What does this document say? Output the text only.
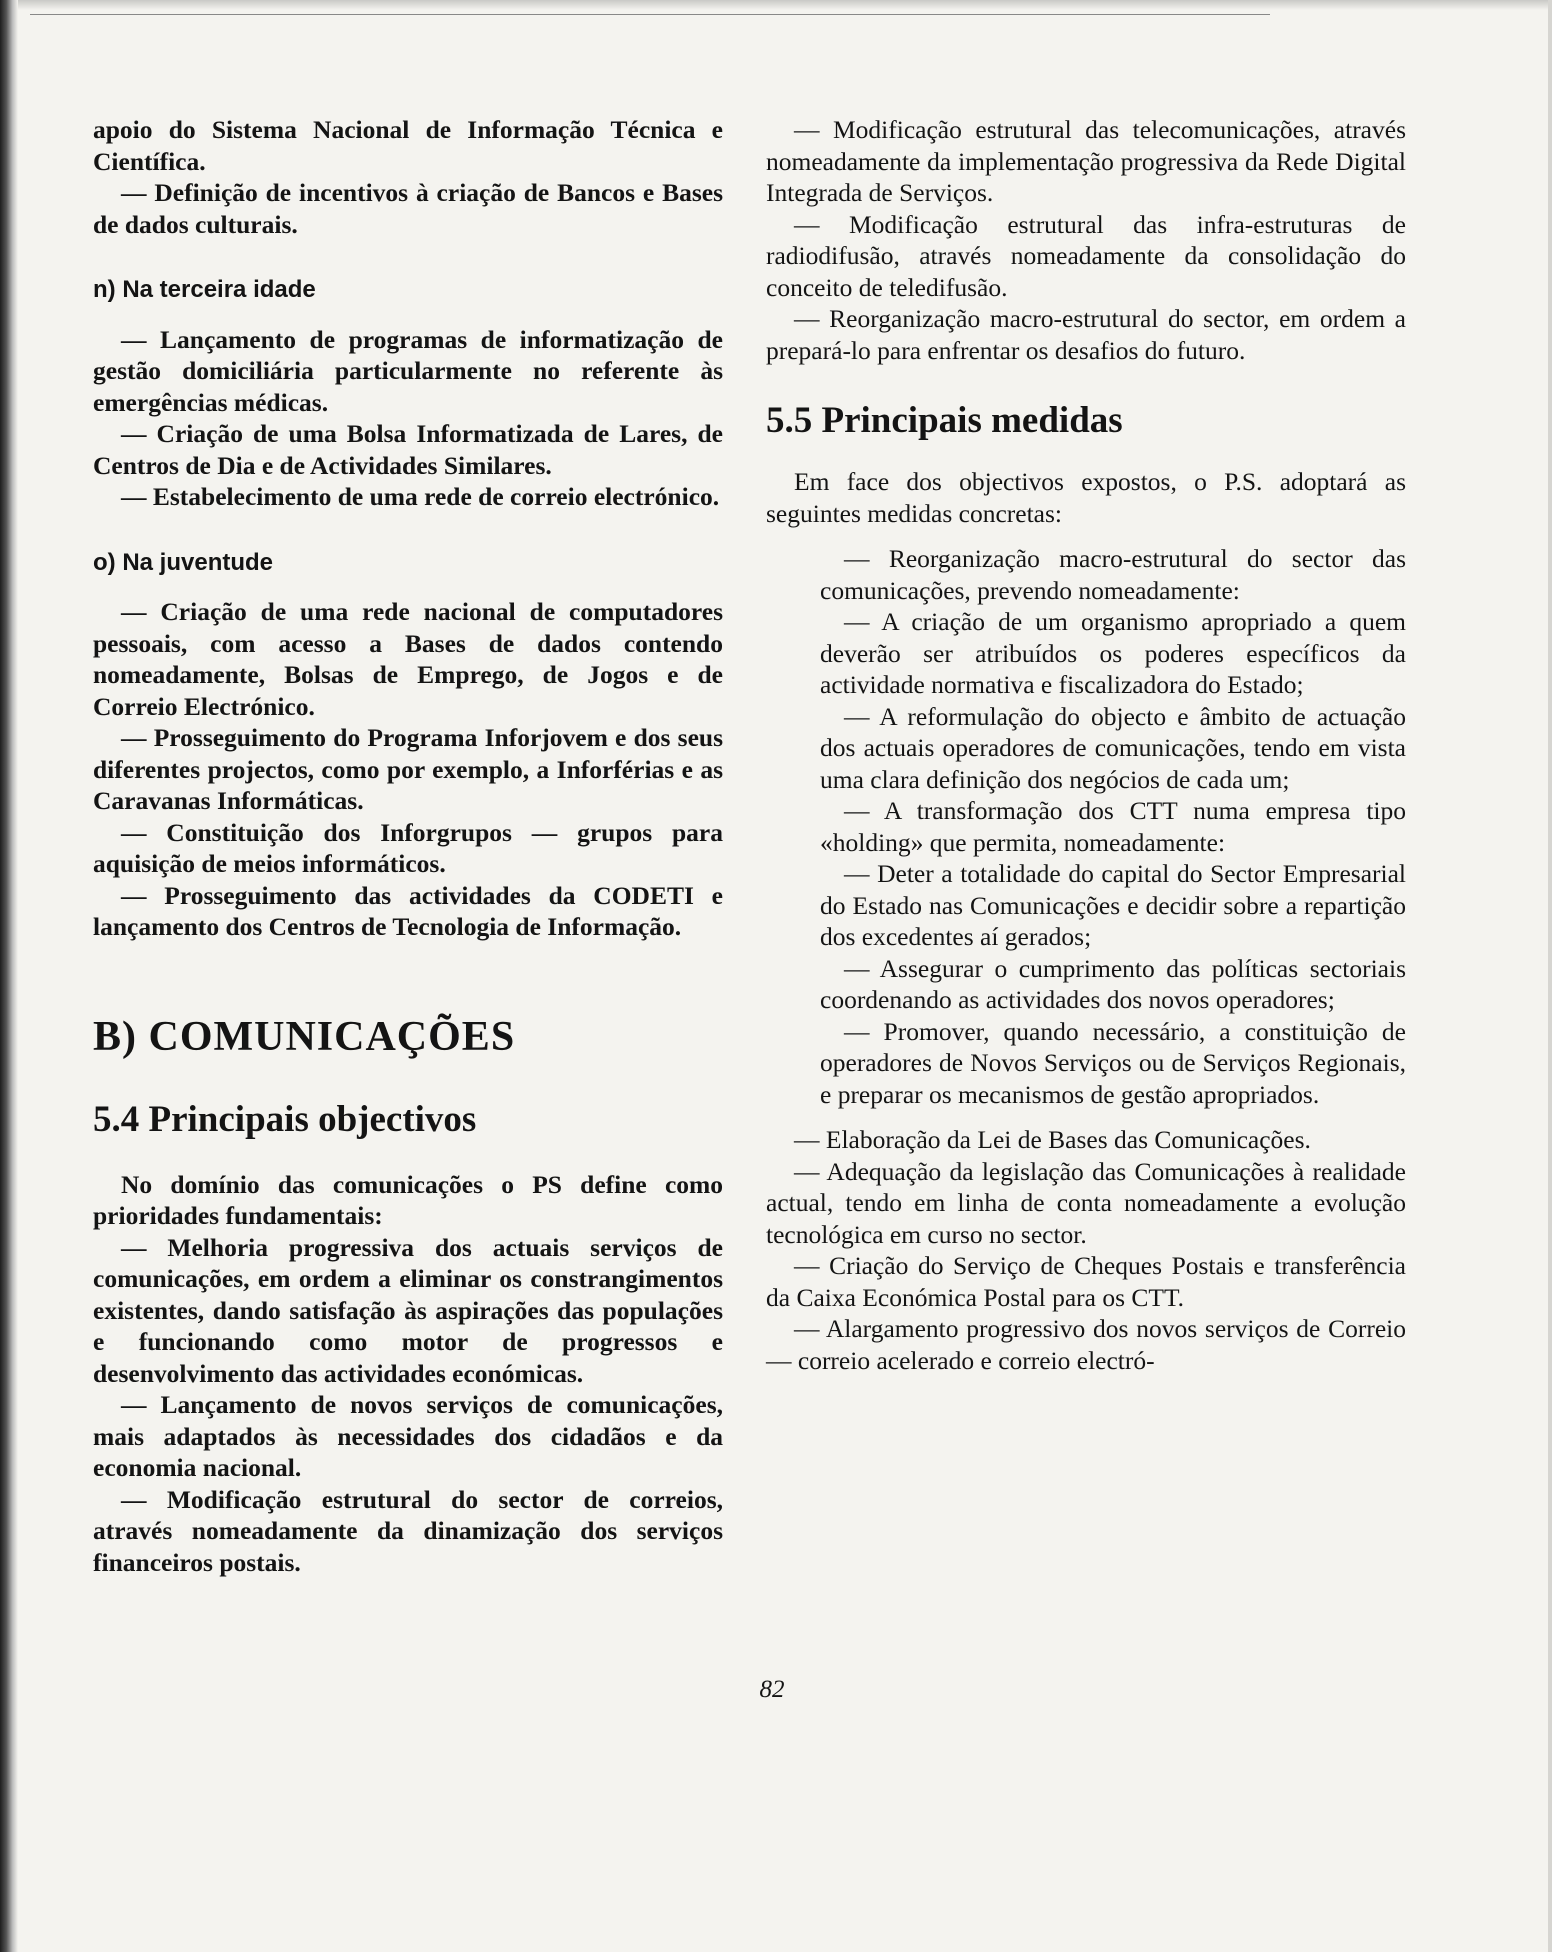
apoio do Sistema Nacional de Informação Técnica e Científica.

— Definição de incentivos à criação de Bancos e Bases de dados culturais.

n) Na terceira idade

— Lançamento de programas de informatização de gestão domiciliária particularmente no referente às emergências médicas.

— Criação de uma Bolsa Informatizada de Lares, de Centros de Dia e de Actividades Similares.

— Estabelecimento de uma rede de correio electrónico.

o) Na juventude

— Criação de uma rede nacional de computadores pessoais, com acesso a Bases de dados contendo nomeadamente, Bolsas de Emprego, de Jogos e de Correio Electrónico.

— Prosseguimento do Programa Inforjovem e dos seus diferentes projectos, como por exemplo, a Inforférias e as Caravanas Informáticas.

— Constituição dos Inforgrupos — grupos para aquisição de meios informáticos.

— Prosseguimento das actividades da CODETI e lançamento dos Centros de Tecnologia de Informação.

B) COMUNICAÇÕES
5.4 Principais objectivos

No domínio das comunicações o PS define como prioridades fundamentais:

— Melhoria progressiva dos actuais serviços de comunicações, em ordem a eliminar os constrangimentos existentes, dando satisfação às aspirações das populações e funcionando como motor de progressos e desenvolvimento das actividades económicas.

— Lançamento de novos serviços de comunicações, mais adaptados às necessidades dos cidadãos e da economia nacional.

— Modificação estrutural do sector de correios, através nomeadamente da dinamização dos serviços financeiros postais.

— Modificação estrutural das telecomunicações, através nomeadamente da implementação progressiva da Rede Digital Integrada de Serviços.

— Modificação estrutural das infra-estruturas de radiodifusão, através nomeadamente da consolidação do conceito de teledifusão.

— Reorganização macro-estrutural do sector, em ordem a prepará-lo para enfrentar os desafios do futuro.

5.5 Principais medidas

Em face dos objectivos expostos, o P.S. adoptará as seguintes medidas concretas:

— Reorganização macro-estrutural do sector das comunicações, prevendo nomeadamente:

— A criação de um organismo apropriado a quem deverão ser atribuídos os poderes específicos da actividade normativa e fiscalizadora do Estado;

— A reformulação do objecto e âmbito de actuação dos actuais operadores de comunicações, tendo em vista uma clara definição dos negócios de cada um;

— A transformação dos CTT numa empresa tipo «holding» que permita, nomeadamente:

— Deter a totalidade do capital do Sector Empresarial do Estado nas Comunicações e decidir sobre a repartição dos excedentes aí gerados;

— Assegurar o cumprimento das políticas sectoriais coordenando as actividades dos novos operadores;

— Promover, quando necessário, a constituição de operadores de Novos Serviços ou de Serviços Regionais, e preparar os mecanismos de gestão apropriados.

— Elaboração da Lei de Bases das Comunicações.

— Adequação da legislação das Comunicações à realidade actual, tendo em linha de conta nomeadamente a evolução tecnológica em curso no sector.

— Criação do Serviço de Cheques Postais e transferência da Caixa Económica Postal para os CTT.

— Alargamento progressivo dos novos serviços de Correio — correio acelerado e correio electró-

82
